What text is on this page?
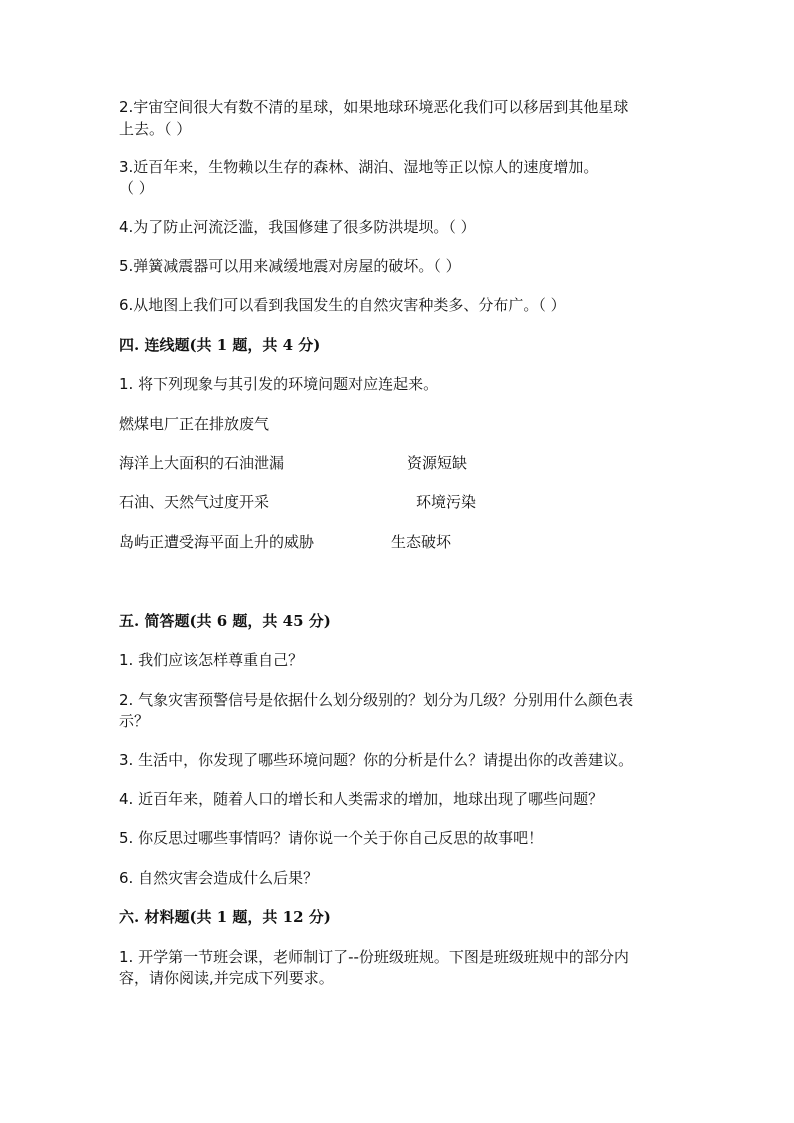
2.宇宙空间很大有数不清的星球，如果地球环境恶化我们可以移居到其他星球
上去。（ ）
3.近百年来，生物赖以生存的森林、湖泊、湿地等正以惊人的速度增加。
（ ）
4.为了防止河流泛滥，我国修建了很多防洪堤坝。（ ）
5.弹簧减震器可以用来减缓地震对房屋的破坏。（ ）
6.从地图上我们可以看到我国发生的自然灾害种类多、分布广。（ ）
四. 连线题(共 1 题，共 4 分)
1. 将下列现象与其引发的环境问题对应连起来。
燃煤电厂正在排放废气
海洋上大面积的石油泄漏	资源短缺
石油、天然气过度开采	环境污染
岛屿正遭受海平面上升的威胁	生态破坏
五. 简答题(共 6 题，共 45 分)
1. 我们应该怎样尊重自己？
2. 气象灾害预警信号是依据什么划分级别的？划分为几级？分别用什么颜色表
示？
3. 生活中，你发现了哪些环境问题？你的分析是什么？请提出你的改善建议。
4. 近百年来，随着人口的增长和人类需求的增加，地球出现了哪些问题？
5. 你反思过哪些事情吗？请你说一个关于你自己反思的故事吧！
6. 自然灾害会造成什么后果？
六. 材料题(共 1 题，共 12 分)
1. 开学第一节班会课，老师制订了--份班级班规。下图是班级班规中的部分内
容，请你阅读,并完成下列要求。
